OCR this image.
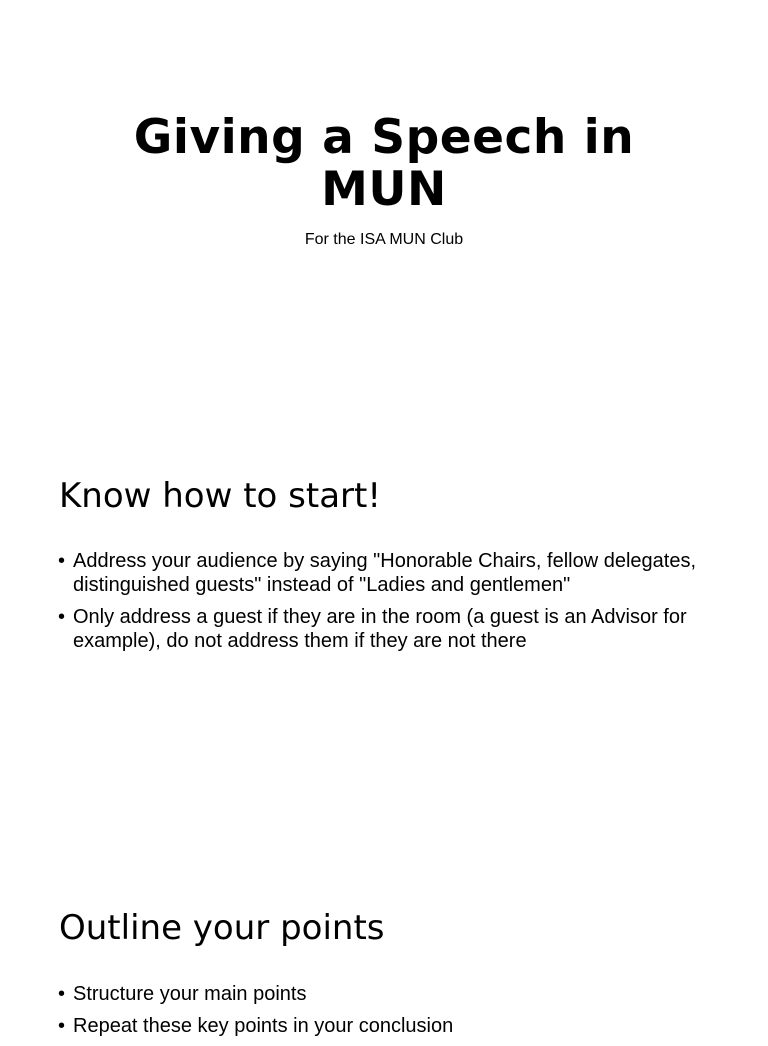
Giving a Speech in MUN
For the ISA MUN Club
Know how to start!
• Address your audience by saying "Honorable Chairs, fellow delegates, distinguished guests" instead of "Ladies and gentlemen"
• Only address a guest if they are in the room (a guest is an Advisor for example), do not address them if they are not there
Outline your points
• Structure your main points
• Repeat these key points in your conclusion
